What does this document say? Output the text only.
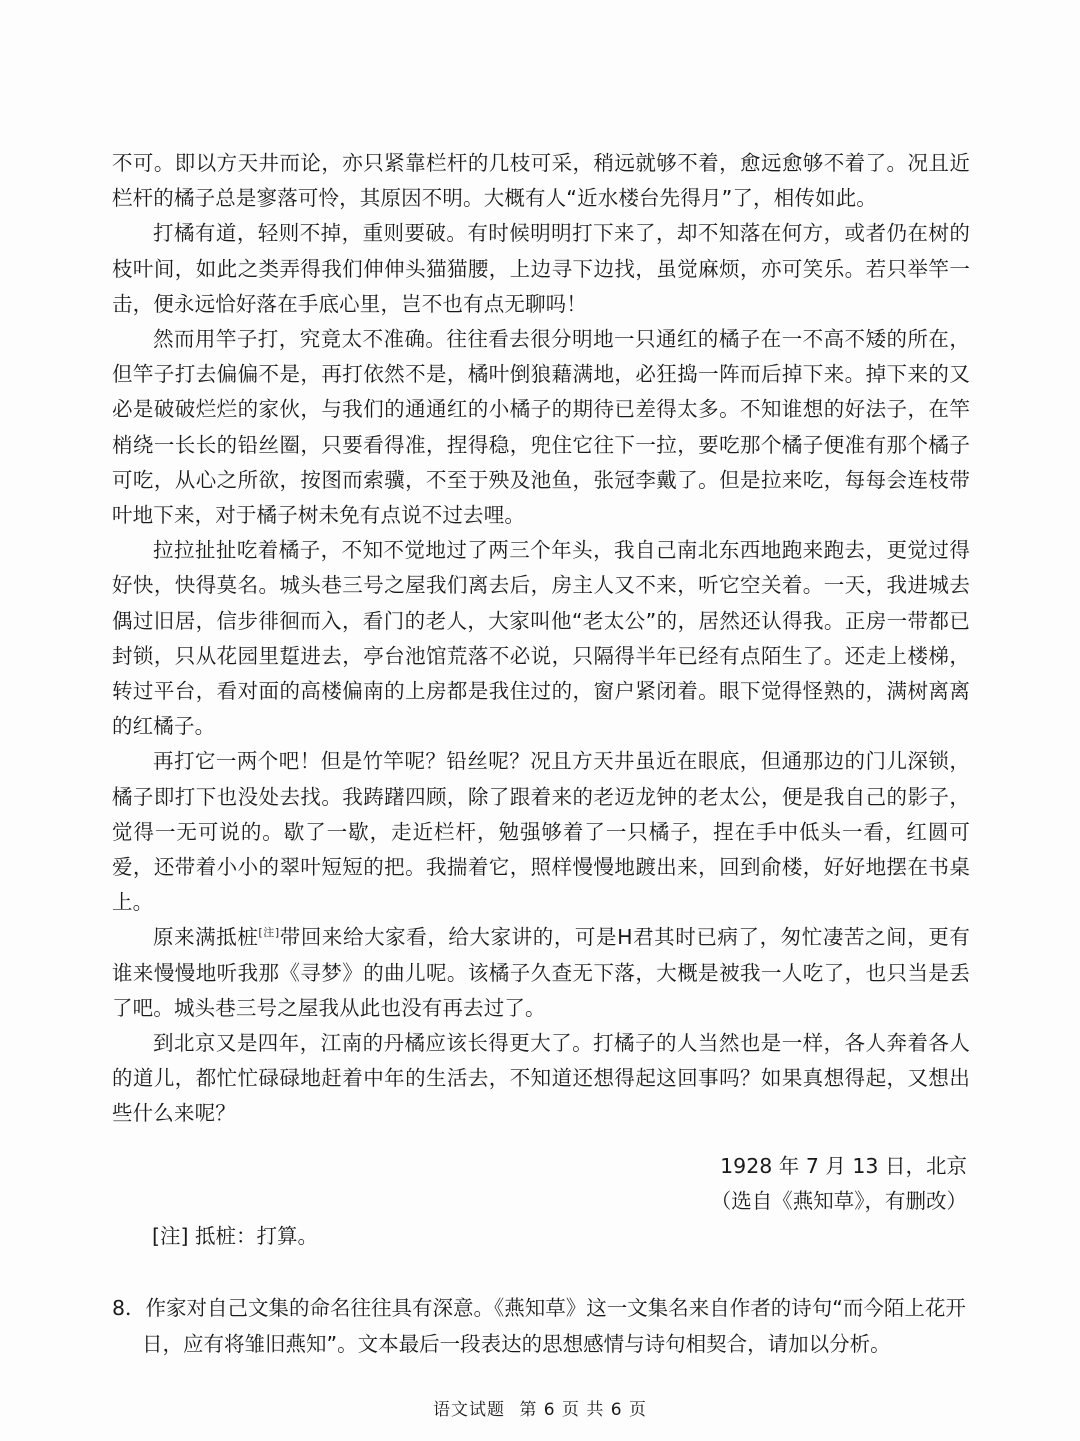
不可。即以方天井而论，亦只紧靠栏杆的几枝可采，稍远就够不着，愈远愈够不着了。况且近栏杆的橘子总是寥落可怜，其原因不明。大概有人“近水楼台先得月”了，相传如此。

打橘有道，轻则不掉，重则要破。有时候明明打下来了，却不知落在何方，或者仍在树的枝叶间，如此之类弄得我们伸伸头猫猫腰，上边寻下边找，虽觉麻烦，亦可笑乐。若只举竿一击，便永远恰好落在手底心里，岂不也有点无聊吗！

然而用竿子打，究竟太不准确。往往看去很分明地一只通红的橘子在一不高不矮的所在，但竿子打去偏偏不是，再打依然不是，橘叶倒狼藉满地，必狂捣一阵而后掉下来。掉下来的又必是破破烂烂的家伙，与我们的通通红的小橘子的期待已差得太多。不知谁想的好法子，在竿梢绕一长长的铅丝圈，只要看得准，捏得稳，兜住它往下一拉，要吃那个橘子便准有那个橘子可吃，从心之所欲，按图而索骥，不至于殃及池鱼，张冠李戴了。但是拉来吃，每每会连枝带叶地下来，对于橘子树未免有点说不过去哩。

拉拉扯扯吃着橘子，不知不觉地过了两三个年头，我自己南北东西地跑来跑去，更觉过得好快，快得莫名。城头巷三号之屋我们离去后，房主人又不来，听它空关着。一天，我进城去偶过旧居，信步徘徊而入，看门的老人，大家叫他“老太公”的，居然还认得我。正房一带都已封锁，只从花园里踅进去，亭台池馆荒落不必说，只隔得半年已经有点陌生了。还走上楼梯，转过平台，看对面的高楼偏南的上房都是我住过的，窗户紧闭着。眼下觉得怪熟的，满树离离的红橘子。

再打它一两个吧！但是竹竿呢？铅丝呢？况且方天井虽近在眼底，但通那边的门儿深锁，橘子即打下也没处去找。我踌躇四顾，除了跟着来的老迈龙钟的老太公，便是我自己的影子，觉得一无可说的。歇了一歇，走近栏杆，勉强够着了一只橘子，捏在手中低头一看，红圆可爱，还带着小小的翠叶短短的把。我揣着它，照样慢慢地踱出来，回到俞楼，好好地摆在书桌上。

原来满抵桩[注]带回来给大家看，给大家讲的，可是H君其时已病了，匆忙凄苦之间，更有谁来慢慢地听我那《寻梦》的曲儿呢。该橘子久查无下落，大概是被我一人吃了，也只当是丢了吧。城头巷三号之屋我从此也没有再去过了。

到北京又是四年，江南的丹橘应该长得更大了。打橘子的人当然也是一样，各人奔着各人的道儿，都忙忙碌碌地赶着中年的生活去，不知道还想得起这回事吗？如果真想得起，又想出些什么来呢？

1928 年 7 月 13 日，北京
（选自《燕知草》，有删改）
[注] 抵桩：打算。
8．作家对自己文集的命名往往具有深意。《燕知草》这一文集名来自作者的诗句“而今陌上花开日，应有将雏旧燕知”。文本最后一段表达的思想感情与诗句相契合，请加以分析。
语文试题 第 6 页 共 6 页
